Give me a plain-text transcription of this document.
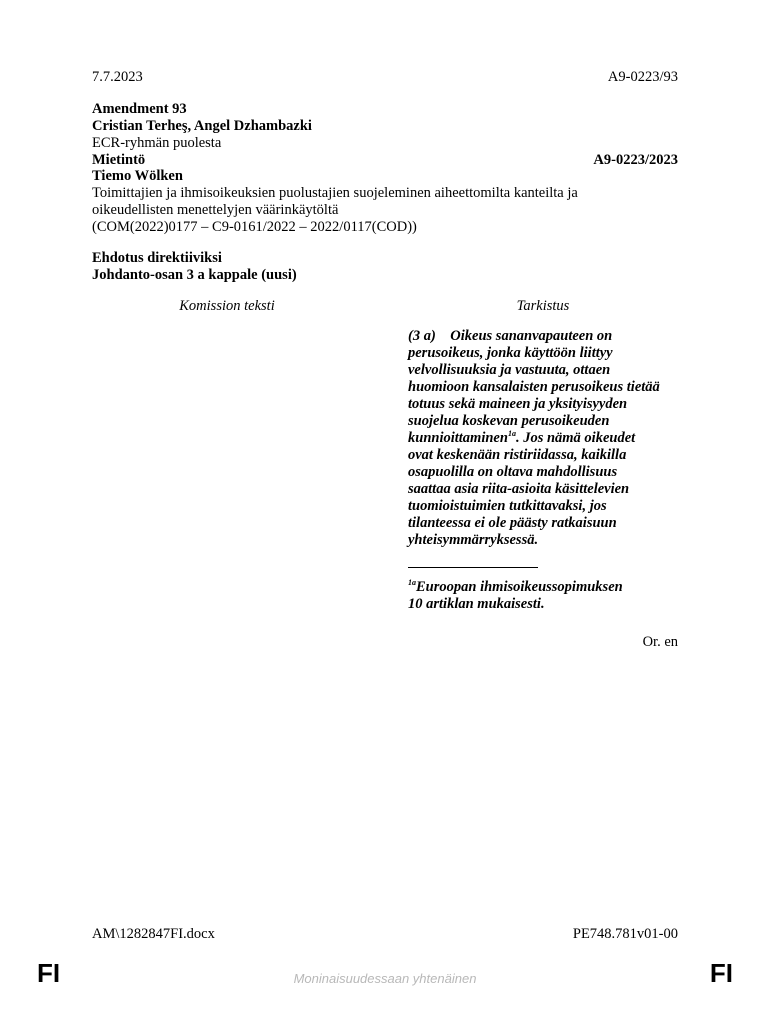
7.7.2023	A9-0223/93
Amendment 93
Cristian Terheş, Angel Dzhambazki
ECR-ryhmän puolesta
Mietintö	A9-0223/2023
Tiemo Wölken
Toimittajien ja ihmisoikeuksien puolustajien suojeleminen aiheettomilta kanteilta ja
oikeudellisten menettelyjen väärinkäytöltä
(COM(2022)0177 – C9-0161/2022 – 2022/0117(COD))
Ehdotus direktiiviksi
Johdanto-osan 3 a kappale (uusi)
Komission teksti	Tarkistus
(3 a) Oikeus sananvapauteen on
perusoikeus, jonka käyttöön liittyy
velvollisuuksia ja vastuuta, ottaen
huomioon kansalaisten perusoikeus tietää
totuus sekä maineen ja yksityisyyden
suojelua koskevan perusoikeuden
kunnioittaminen$^{1a}$. Jos nämä oikeudet
ovat keskenään ristiriidassa, kaikilla
osapuolilla on oltava mahdollisuus
saattaa asia riita-asioita käsittelevien
tuomioistuimien tutkittavaksi, jos
tilanteessa ei ole päästy ratkaisuun
yhteisymmärryksessä.
$^{1a}$Euroopan ihmisoikeussopimuksen
10 artiklan mukaisesti.
Or. en
AM\1282847FI.docx	PE748.781v01-00
FI	FI
Moninaisuudessaan yhtenäinen
